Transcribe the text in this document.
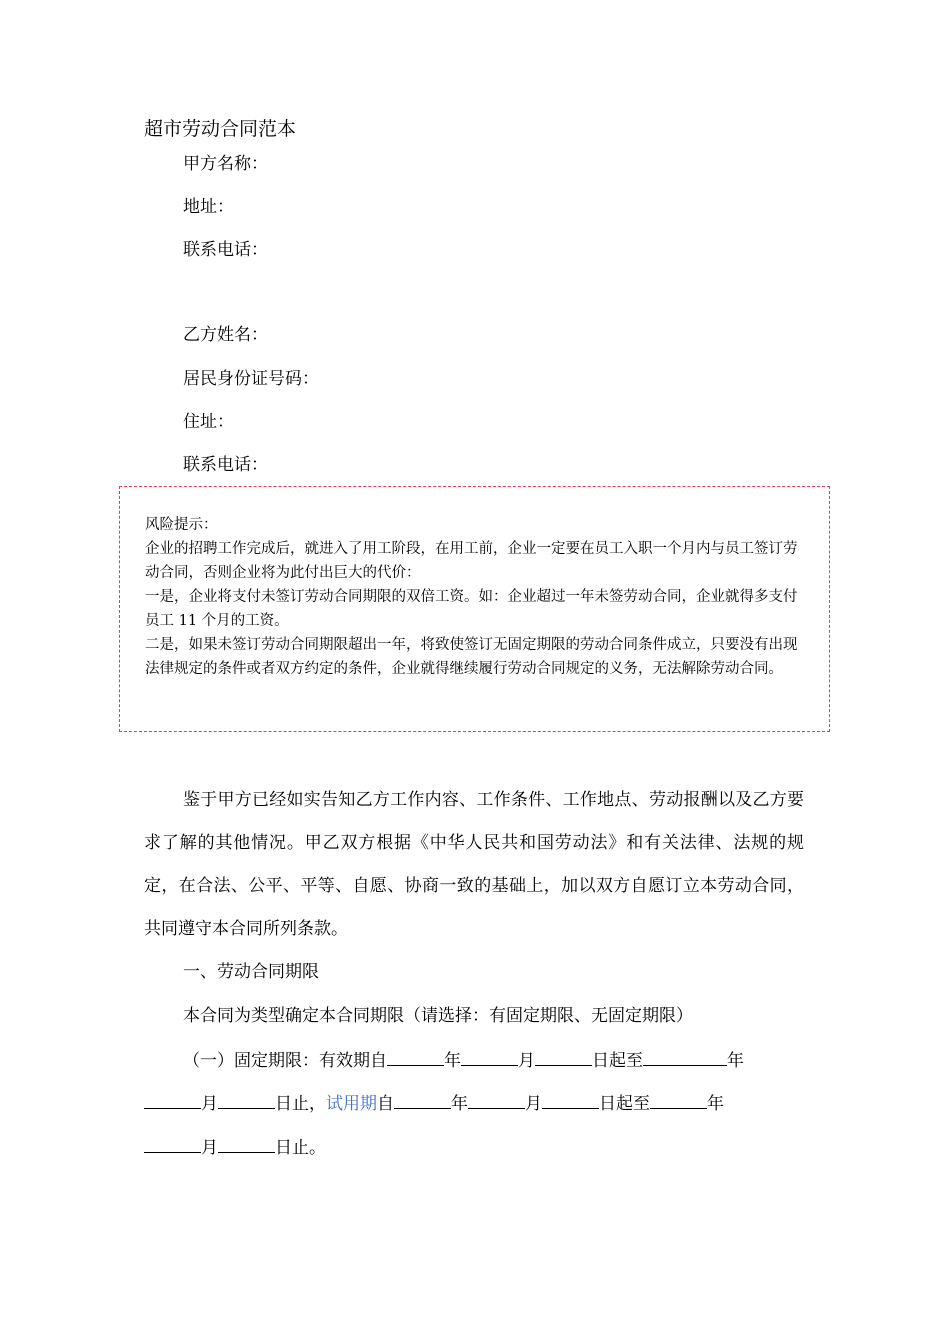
超市劳动合同范本
甲方名称：
地址：
联系电话：
乙方姓名：
居民身份证号码：
住址：
联系电话：

风险提示：

企业的招聘工作完成后，就进入了用工阶段，在用工前，企业一定要在员工入职一个月内与员工签订劳动合同，否则企业将为此付出巨大的代价：

一是，企业将支付未签订劳动合同期限的双倍工资。如：企业超过一年未签劳动合同，企业就得多支付员工 11 个月的工资。

二是，如果未签订劳动合同期限超出一年，将致使签订无固定期限的劳动合同条件成立，只要没有出现法律规定的条件或者双方约定的条件，企业就得继续履行劳动合同规定的义务，无法解除劳动合同。

鉴于甲方已经如实告知乙方工作内容、工作条件、工作地点、劳动报酬以及乙方要求了解的其他情况。甲乙双方根据《中华人民共和国劳动法》和有关法律、法规的规定，在合法、公平、平等、自愿、协商一致的基础上，加以双方自愿订立本劳动合同，共同遵守本合同所列条款。

一、劳动合同期限
本合同为类型确定本合同期限（请选择：有固定期限、无固定期限）
（一）固定期限：有效期自	年	月	日起至	年
月	日止，试用期自	年	月	日起至	年
月	日止。
